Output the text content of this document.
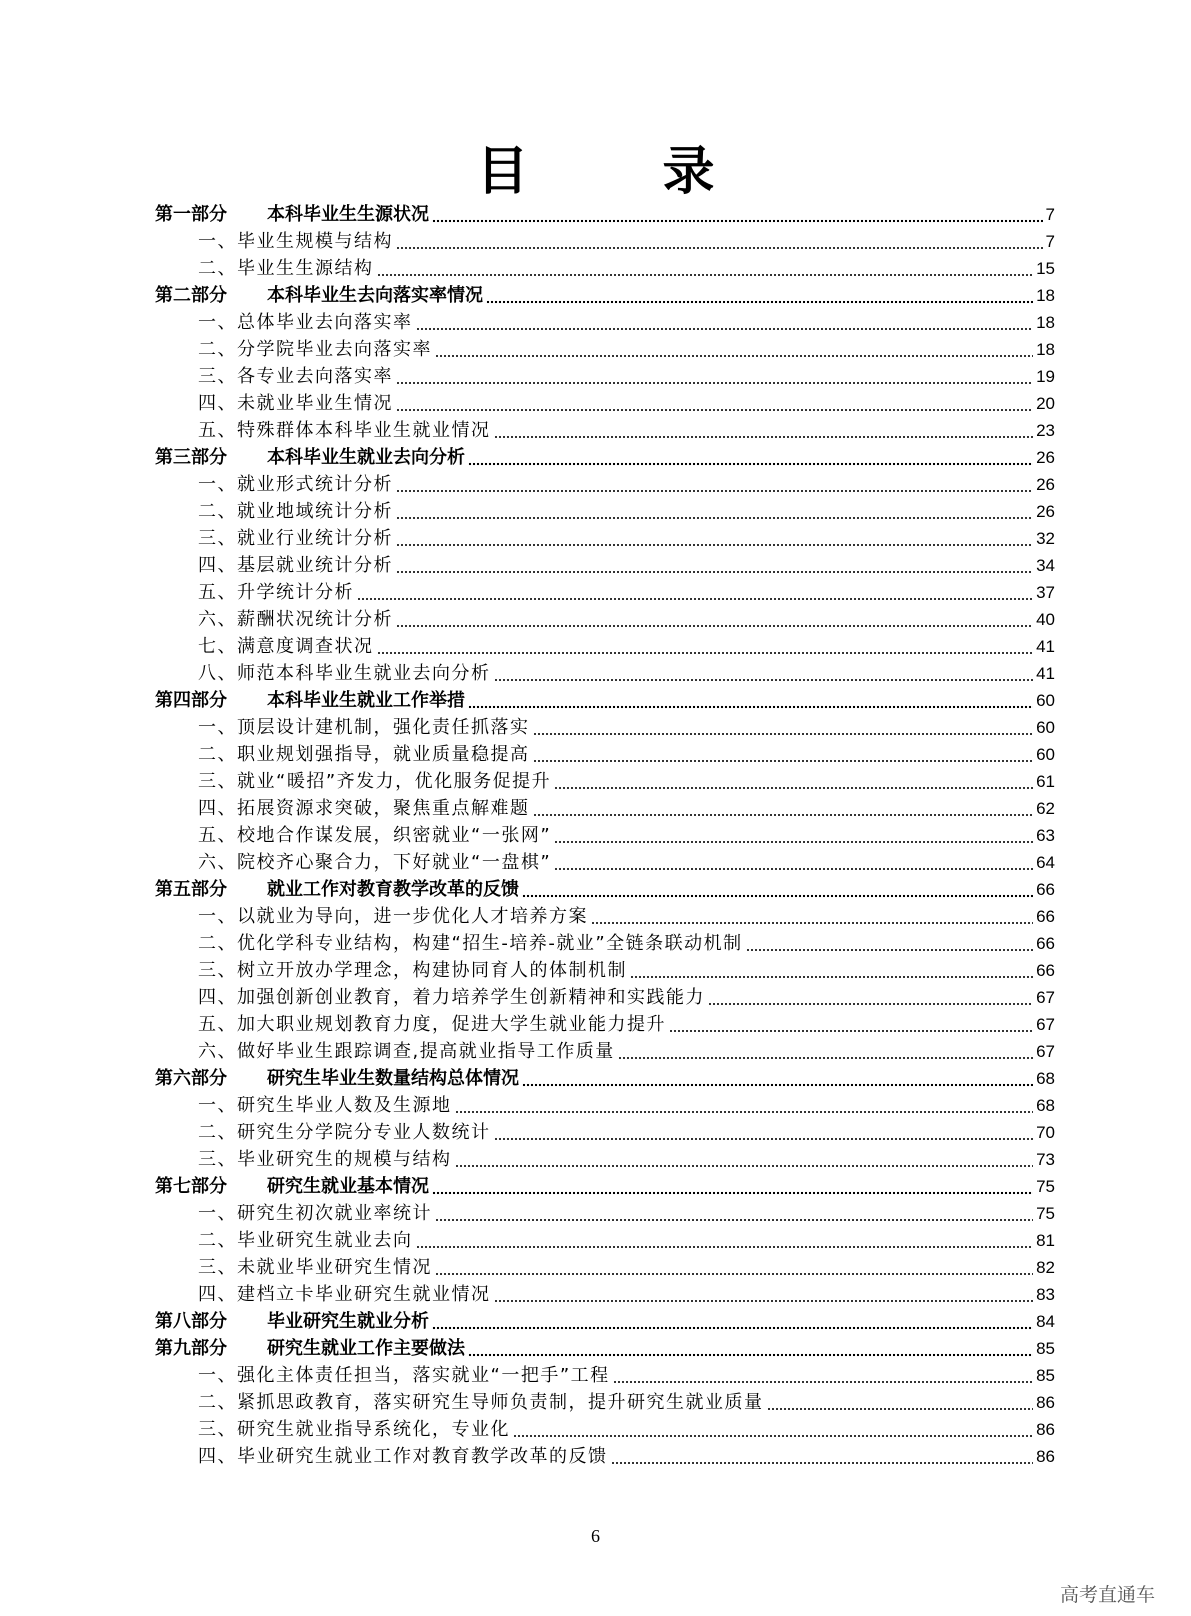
目 录
第一部分	本科毕业生生源状况	7
一、毕业生规模与结构	7
二、毕业生生源结构	15
第二部分	本科毕业生去向落实率情况	18
一、总体毕业去向落实率	18
二、分学院毕业去向落实率	18
三、各专业去向落实率	19
四、未就业毕业生情况	20
五、特殊群体本科毕业生就业情况	23
第三部分	本科毕业生就业去向分析	26
一、就业形式统计分析	26
二、就业地域统计分析	26
三、就业行业统计分析	32
四、基层就业统计分析	34
五、升学统计分析	37
六、薪酬状况统计分析	40
七、满意度调查状况	41
八、师范本科毕业生就业去向分析	41
第四部分	本科毕业生就业工作举措	60
一、顶层设计建机制，强化责任抓落实	60
二、职业规划强指导，就业质量稳提高	60
三、就业“暖招”齐发力，优化服务促提升	61
四、拓展资源求突破，聚焦重点解难题	62
五、校地合作谋发展，织密就业“一张网”	63
六、院校齐心聚合力，下好就业“一盘棋”	64
第五部分	就业工作对教育教学改革的反馈	66
一、以就业为导向，进一步优化人才培养方案	66
二、优化学科专业结构，构建“招生-培养-就业”全链条联动机制	66
三、树立开放办学理念，构建协同育人的体制机制	66
四、加强创新创业教育，着力培养学生创新精神和实践能力	67
五、加大职业规划教育力度，促进大学生就业能力提升	67
六、做好毕业生跟踪调查,提高就业指导工作质量	67
第六部分	研究生毕业生数量结构总体情况	68
一、研究生毕业人数及生源地	68
二、研究生分学院分专业人数统计	70
三、毕业研究生的规模与结构	73
第七部分	研究生就业基本情况	75
一、研究生初次就业率统计	75
二、毕业研究生就业去向	81
三、未就业毕业研究生情况	82
四、建档立卡毕业研究生就业情况	83
第八部分	毕业研究生就业分析	84
第九部分	研究生就业工作主要做法	85
一、强化主体责任担当，落实就业“一把手”工程	85
二、紧抓思政教育，落实研究生导师负责制，提升研究生就业质量	86
三、研究生就业指导系统化，专业化	86
四、毕业研究生就业工作对教育教学改革的反馈	86
6
高考直通车
